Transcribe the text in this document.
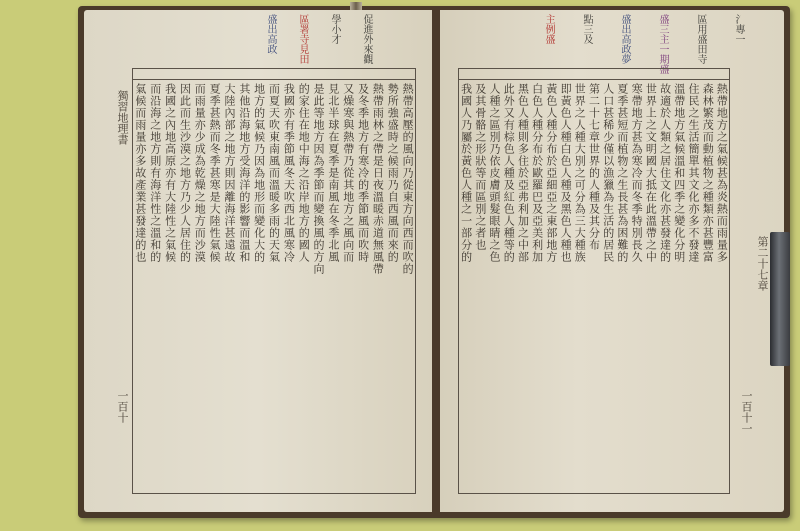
促進外來觀
學小才
區署寺見田
盛出高政
熱帶高壓的風向乃從東方向西而吹的
勢所強盛時之候雨乃自西風而來的
熱帶雨林之帶是日夜溫暖赤道無風帶
及冬季地方有寒冷的季節風而吹時
又燥寒與熱帶乃從其地方之風向而
見北半球在夏季是南風在冬季北風
是此等地方因為季節而變換風的方向
的家住在地中海之沿岸地方的國人
我國亦有季節風冬天吹西北風寒冷
而夏天吹東南風而溫暖多雨的天氣
地方的氣候乃因為地形而變化大的
其他沿海地方受海洋的影響而溫和
大陸內部之地方則因離海洋甚遠故
夏季甚熱而冬季甚寒是大陸性氣候
而雨量亦少成為乾燥之地方而沙漠
因此而生沙漠之地方乃少人居住的
我國之內地高原亦有大陸性之氣候
而沿海之地方則有海洋性之溫和的
氣候而雨量亦多故產業甚發達的也
獨習地理書
一百十
氵專一
區用盛田寺
盛三主一期盛
盛出高政夢
點三及
主例盛
熱帶地方之氣候甚為炎熱而雨量多
森林繁茂而動植物之種類亦甚豐富
住民之生活簡單其文化亦多不發達
溫帶地方氣候溫和四季之變化分明
故適於人類之居住文化亦甚發達的
世界上之文明國大抵在此溫帶之中
寒帶地方甚為寒冷而冬季特別長久
夏季甚短而植物之生長甚為困難的
人口甚稀少僅以漁獵為生活的居民
第二十七章世界的人種及其分布
世界之人種大別之可分為三大種族
即黃色人種白色人種及黑色人種也
黃色人種分布於亞細亞之東部地方
白色人種分布於歐羅巴及亞美利加
黑色人種則多住於亞弗利加之中部
此外又有棕色人種及紅色人種等的
人種之區別乃依皮膚頭髮眼睛之色
及其骨骼之形狀等而區別之者也
我國人乃屬於黃色人種之一部分的
第二十七章
一百十一
